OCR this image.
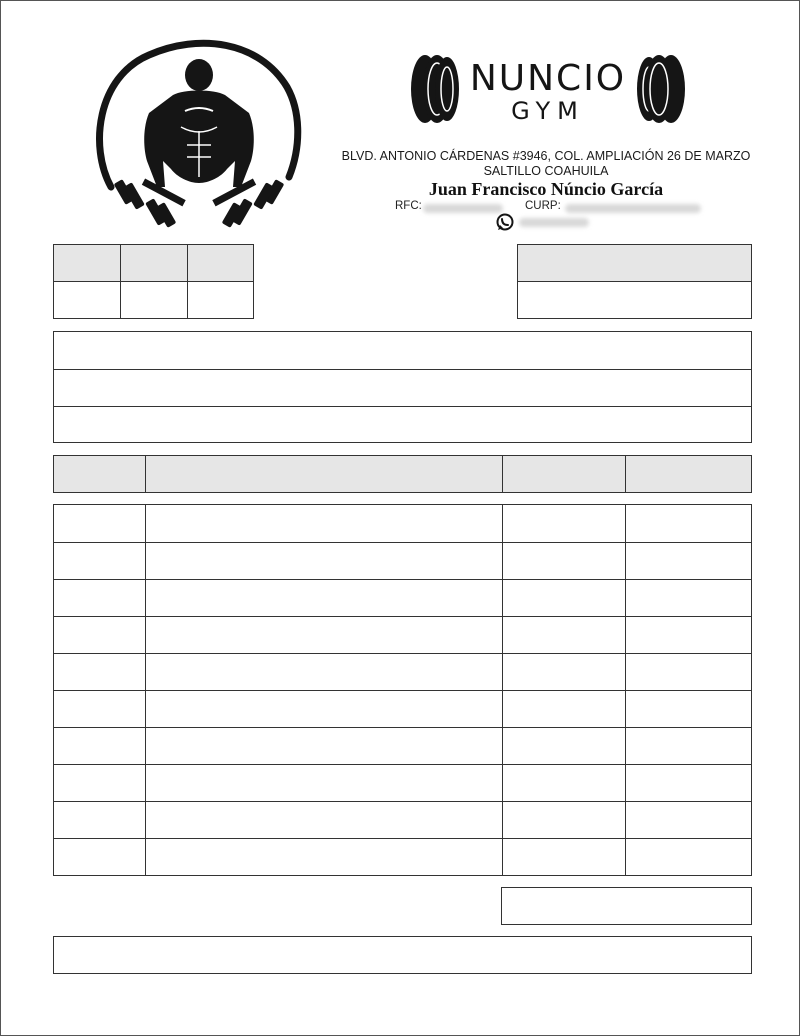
NUNCIO
GYM
BLVD. ANTONIO CÁRDENAS #3946, COL. AMPLIACIÓN 26 DE MARZO
SALTILLO COAHUILA
Juan Francisco Núncio García
RFC:	CURP:
